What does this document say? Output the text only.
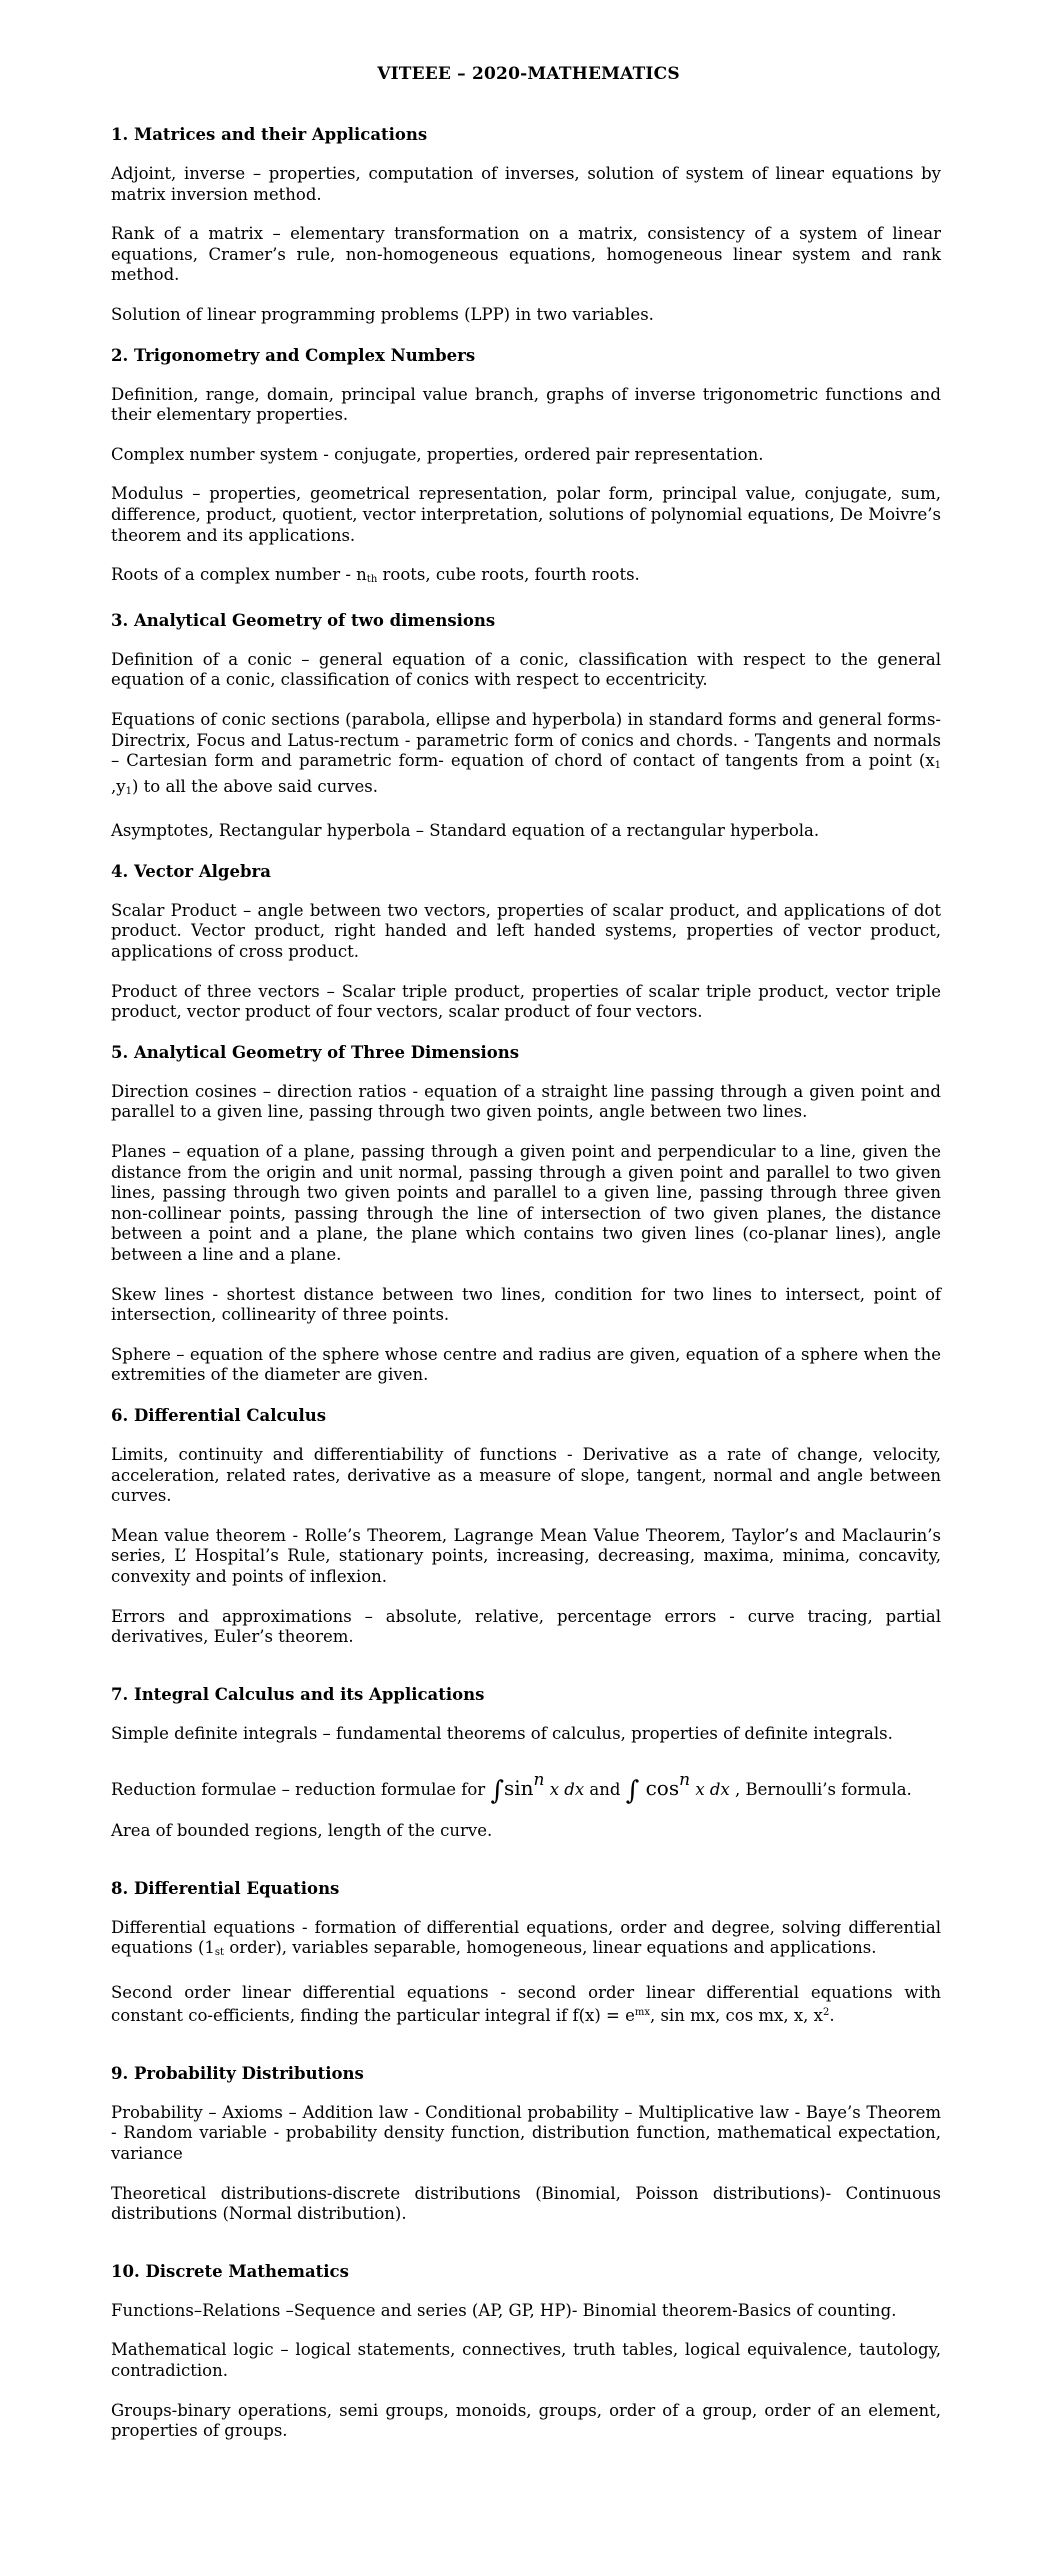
VITEEE – 2020-MATHEMATICS
1. Matrices and their Applications

Adjoint, inverse – properties, computation of inverses, solution of system of linear equations by matrix inversion method.

Rank of a matrix – elementary transformation on a matrix, consistency of a system of linear equations, Cramer’s rule, non-homogeneous equations, homogeneous linear system and rank method.

Solution of linear programming problems (LPP) in two variables.

2. Trigonometry and Complex Numbers

Definition, range, domain, principal value branch, graphs of inverse trigonometric functions and their elementary properties.

Complex number system - conjugate, properties, ordered pair representation.

Modulus – properties, geometrical representation, polar form, principal value, conjugate, sum, difference, product, quotient, vector interpretation, solutions of polynomial equations, De Moivre’s theorem and its applications.

Roots of a complex number - $n_{th}$ roots, cube roots, fourth roots.

3. Analytical Geometry of two dimensions

Definition of a conic – general equation of a conic, classification with respect to the general equation of a conic, classification of conics with respect to eccentricity.

Equations of conic sections (parabola, ellipse and hyperbola) in standard forms and general forms- Directrix, Focus and Latus-rectum - parametric form of conics and chords. - Tangents and normals – Cartesian form and parametric form- equation of chord of contact of tangents from a point ($x_1$ $,y_1$) to all the above said curves.

Asymptotes, Rectangular hyperbola – Standard equation of a rectangular hyperbola.

4. Vector Algebra

Scalar Product – angle between two vectors, properties of scalar product, and applications of dot product. Vector product, right handed and left handed systems, properties of vector product, applications of cross product.

Product of three vectors – Scalar triple product, properties of scalar triple product, vector triple product, vector product of four vectors, scalar product of four vectors.

5. Analytical Geometry of Three Dimensions

Direction cosines – direction ratios - equation of a straight line passing through a given point and parallel to a given line, passing through two given points, angle between two lines.

Planes – equation of a plane, passing through a given point and perpendicular to a line, given the distance from the origin and unit normal, passing through a given point and parallel to two given lines, passing through two given points and parallel to a given line, passing through three given non-collinear points, passing through the line of intersection of two given planes, the distance between a point and a plane, the plane which contains two given lines (co-planar lines), angle between a line and a plane.

Skew lines - shortest distance between two lines, condition for two lines to intersect, point of intersection, collinearity of three points.

Sphere – equation of the sphere whose centre and radius are given, equation of a sphere when the extremities of the diameter are given.

6. Differential Calculus

Limits, continuity and differentiability of functions - Derivative as a rate of change, velocity, acceleration, related rates, derivative as a measure of slope, tangent, normal and angle between curves.

Mean value theorem - Rolle’s Theorem, Lagrange Mean Value Theorem, Taylor’s and Maclaurin’s series, L’ Hospital’s Rule, stationary points, increasing, decreasing, maxima, minima, concavity, convexity and points of inflexion.

Errors and approximations – absolute, relative, percentage errors - curve tracing, partial derivatives, Euler’s theorem.

7. Integral Calculus and its Applications

Simple definite integrals – fundamental theorems of calculus, properties of definite integrals.

Reduction formulae – reduction formulae for ∫sinn x dx and ∫ cosn x dx , Bernoulli’s formula.

Area of bounded regions, length of the curve.

8. Differential Equations

Differential equations - formation of differential equations, order and degree, solving differential equations ($1_{st}$ order), variables separable, homogeneous, linear equations and applications.

Second order linear differential equations - second order linear differential equations with constant co-efficients, finding the particular integral if $f(x) = e^{mx}$, sin mx, cos mx, x, $x^2$.

9. Probability Distributions

Probability – Axioms – Addition law - Conditional probability – Multiplicative law - Baye’s Theorem - Random variable - probability density function, distribution function, mathematical expectation, variance

Theoretical distributions-discrete distributions (Binomial, Poisson distributions)- Continuous distributions (Normal distribution).

10. Discrete Mathematics

Functions–Relations –Sequence and series (AP, GP, HP)- Binomial theorem-Basics of counting.

Mathematical logic – logical statements, connectives, truth tables, logical equivalence, tautology, contradiction.

Groups-binary operations, semi groups, monoids, groups, order of a group, order of an element, properties of groups.
